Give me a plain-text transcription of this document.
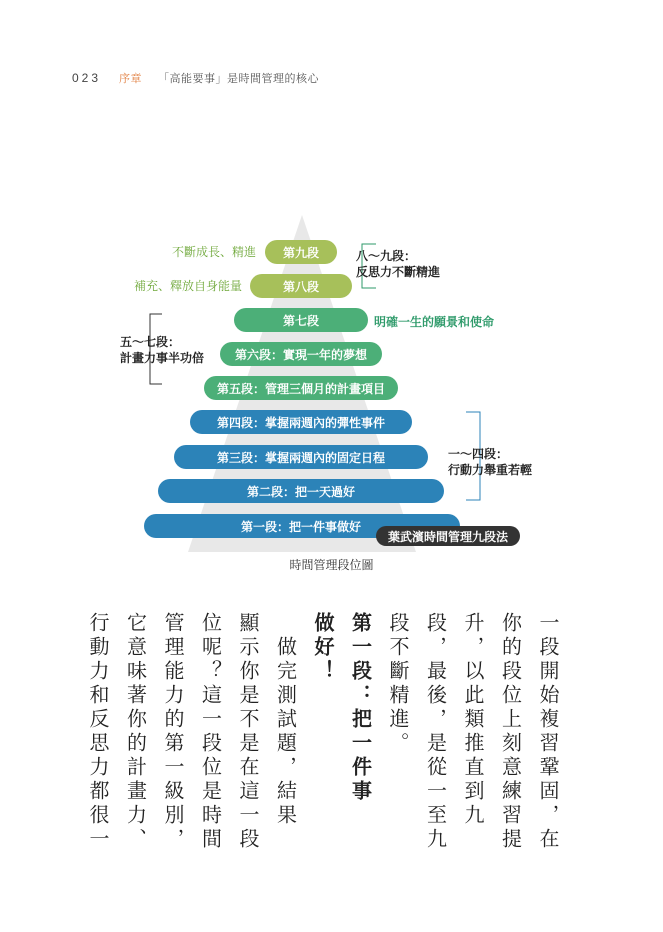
023 序章 「高能要事」是時間管理的核心
第九段
第八段
第七段
第六段：實現一年的夢想
第五段：管理三個月的計畫項目
第四段：掌握兩週內的彈性事件
第三段：掌握兩週內的固定日程
第二段：把一天過好
第一段：把一件事做好
不斷成長、精進
補充、釋放自身能量
八～九段：
反思力不斷精進
明確一生的願景和使命
五～七段：
計畫力事半功倍
一～四段：
行動力舉重若輕
葉武濱時間管理九段法
時間管理段位圖
一段開始複習鞏固，在
你的段位上刻意練習提
升，以此類推直到九
段，最後，是從一至九
段不斷精進。
第一段：把一件事
做好！
　做完測試題，結果
顯示你是不是在這一段
位呢？這一段位是時間
管理能力的第一級別，
它意味著你的計畫力、
行動力和反思力都很一
